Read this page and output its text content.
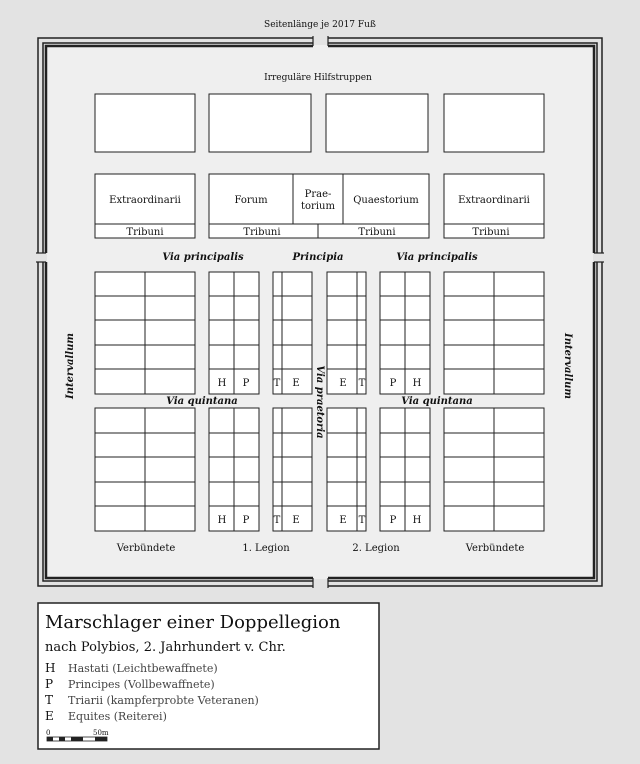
Seitenlänge je 2017 Fuß
Irreguläre Hilfstruppen
Extraordinarii
Tribuni
Forum
Prae-
torium
Quaestorium
Tribuni	Tribuni
Extraordinarii
Tribuni
Via principalis	Principia	Via principalis
Via quintana	Via quintana
Via praetoria
Intervallum	Intervallum
H P
H P
T E
T E
E T
E T
P H
P H
Verbündete	1. Legion	2. Legion	Verbündete
Marschlager einer Doppellegion
nach Polybios, 2. Jahrhundert v. Chr.
H Hastati (Leichtbewaffnete)
P Principes (Vollbewaffnete)
T Triarii (kampferprobte Veteranen)
E Equites (Reiterei)
0	50m
